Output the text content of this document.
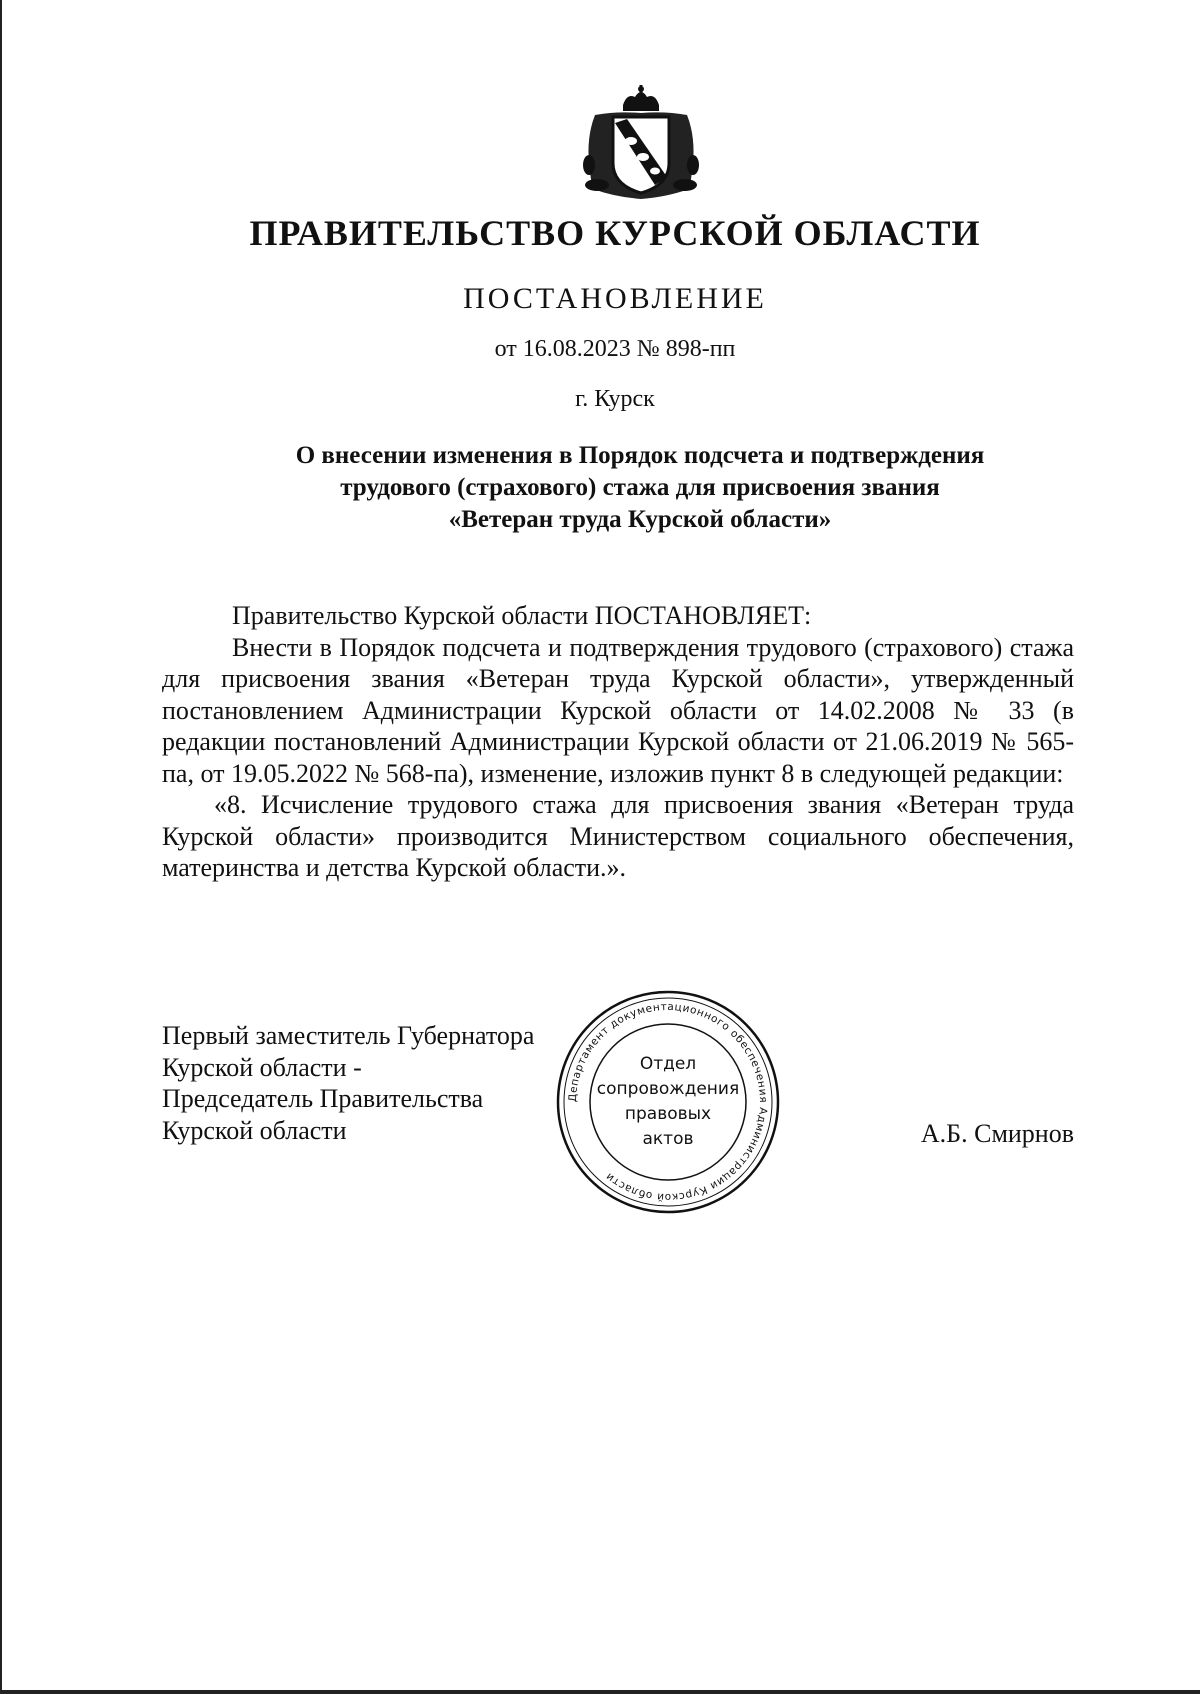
ПРАВИТЕЛЬСТВО КУРСКОЙ ОБЛАСТИ
ПОСТАНОВЛЕНИЕ
от 16.08.2023 № 898-пп
г. Курск
О внесении изменения в Порядок подсчета и подтверждения
трудового (страхового) стажа для присвоения звания
«Ветеран труда Курской области»

Правительство Курской области ПОСТАНОВЛЯЕТ:

Внести в Порядок подсчета и подтверждения трудового (страхового) стажа для присвоения звания «Ветеран труда Курской области», утвержденный постановлением Администрации Курской области от 14.02.2008 № 33 (в редакции постановлений Администрации Курской области от 21.06.2019 № 565-па, от 19.05.2022 № 568-па), изменение, изложив пункт 8 в следующей редакции:

«8. Исчисление трудового стажа для присвоения звания «Ветеран труда Курской области» производится Министерством социального обеспечения, материнства и детства Курской области.».

Первый заместитель Губернатора
Курской области -
Председатель Правительства
Курской области	А.Б. Смирнов
Департамент документационного обеспечения Администрации Курской области
Отдел
сопровождения
правовых
актов
